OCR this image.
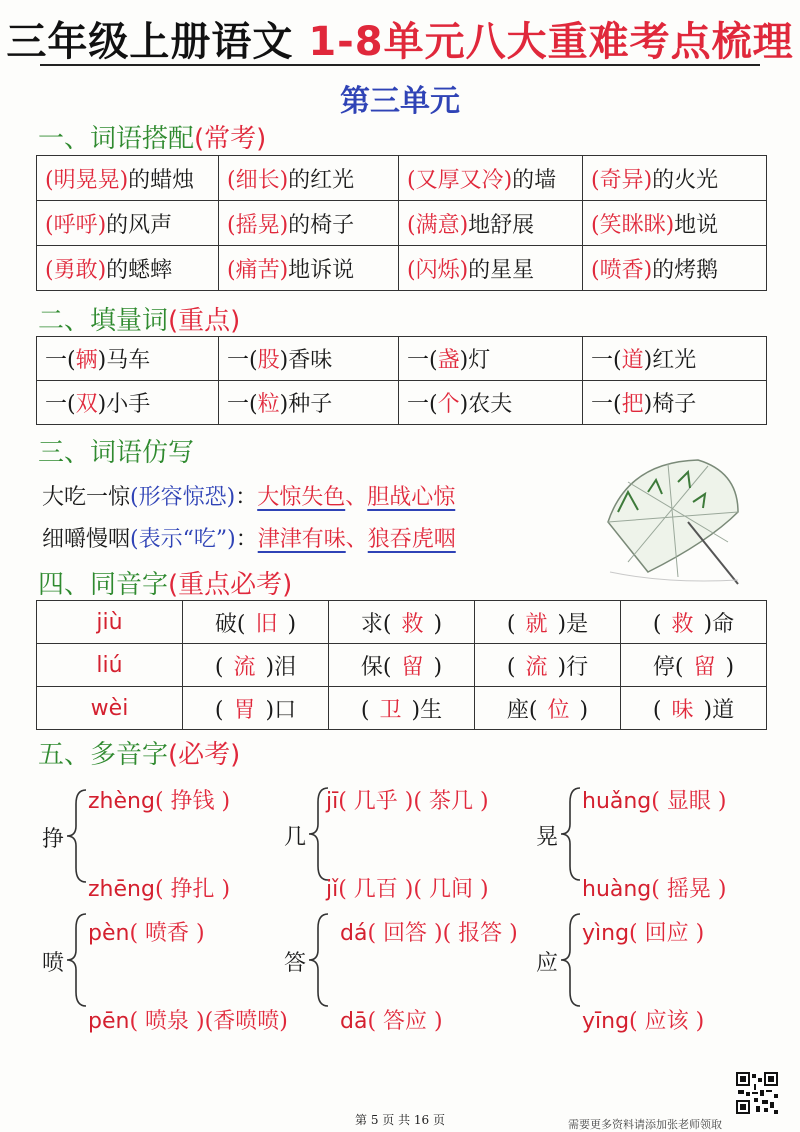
三年级上册语文 1-8单元八大重难考点梳理
第三单元
一、词语搭配(常考)
(明晃晃)的蜡烛	(细长)的红光	(又厚又冷)的墙	(奇异)的火光
(呼呼)的风声	(摇晃)的椅子	(满意)地舒展	(笑眯眯)地说
(勇敢)的蟋蟀	(痛苦)地诉说	(闪烁)的星星	(喷香)的烤鹅
二、填量词(重点)
一(辆)马车	一(股)香味	一(盏)灯	一(道)红光
一(双)小手	一(粒)种子	一(个)农夫	一(把)椅子
三、词语仿写
大吃一惊(形容惊恐)：大惊失色、胆战心惊
细嚼慢咽(表示“吃”)：津津有味、狼吞虎咽
四、同音字(重点必考)
jiù	破( 旧 )	求( 救 )	( 就 )是	( 救 )命
liú	( 流 )泪	保( 留 )	( 流 )行	停( 留 )
wèi	( 胃 )口	( 卫 )生	座( 位 )	( 味 )道
五、多音字(必考)
挣
zhèng( 挣钱 )
zhēng( 挣扎 )
几
jī( 几乎 )( 茶几 )
jǐ( 几百 )( 几间 )
晃
huǎng( 显眼 )
huàng( 摇晃 )
喷
pèn( 喷香 )
pēn( 喷泉 )(香喷喷)
答
dá( 回答 )( 报答 )
dā( 答应 )
应
yìng( 回应 )
yīng( 应该 )
第 5 页 共 16 页	需要更多资料请添加张老师领取
